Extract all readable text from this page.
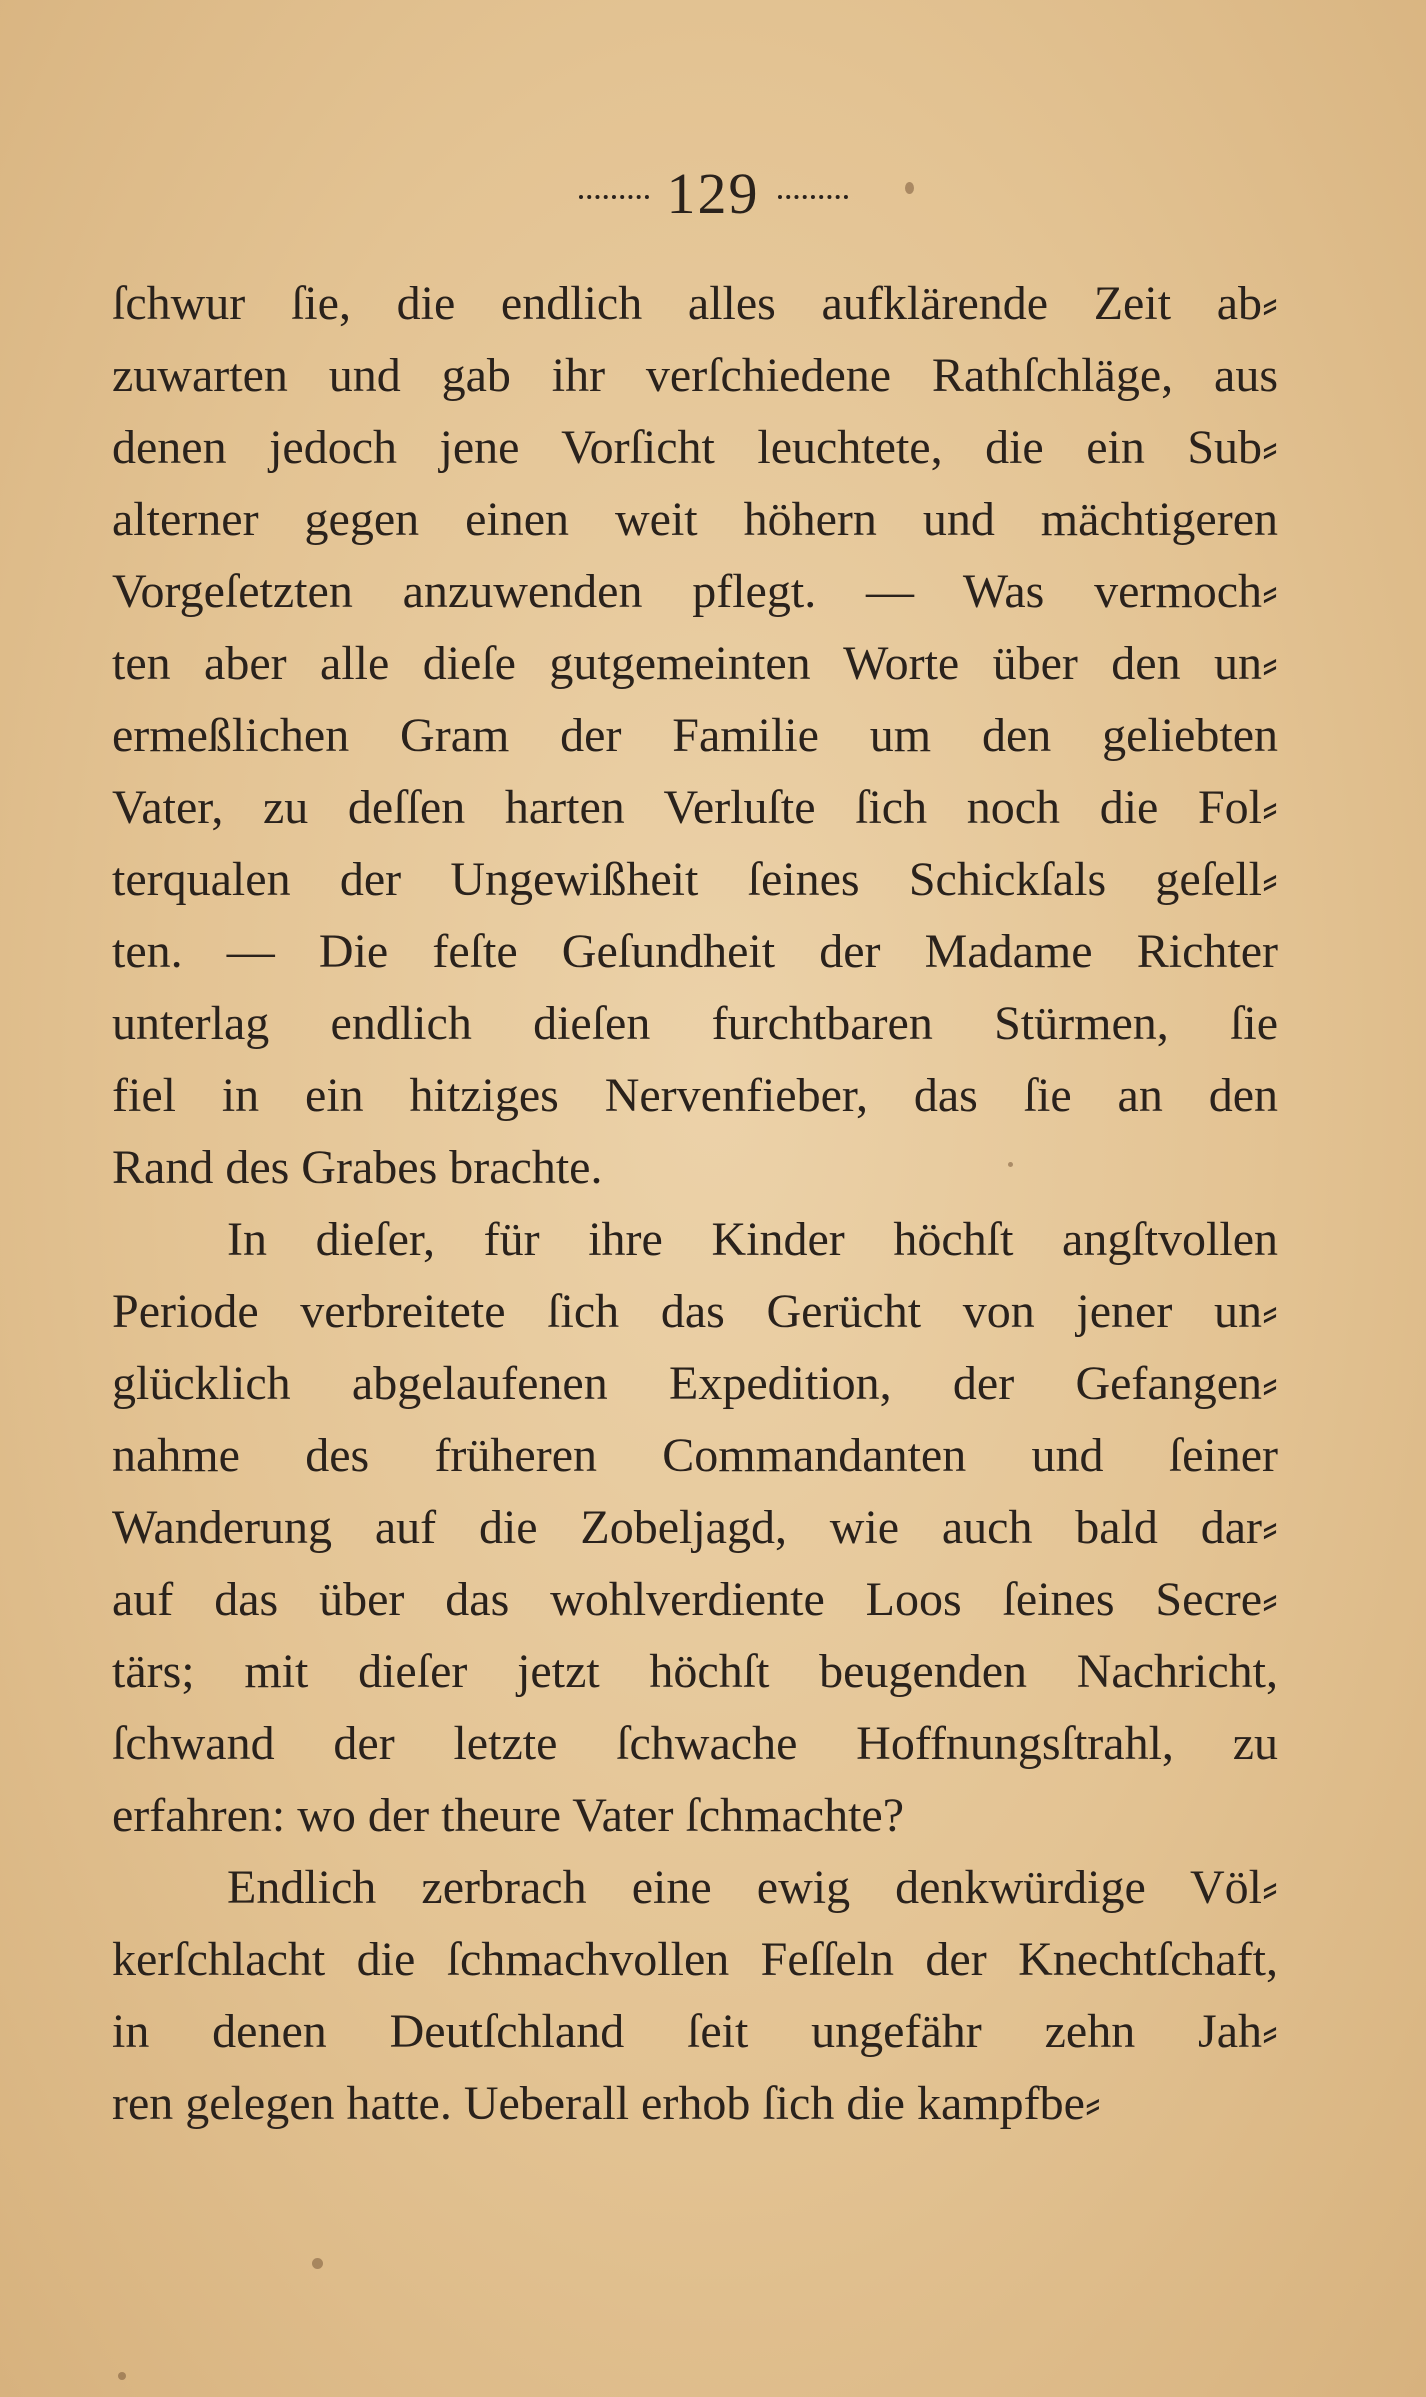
129
ſchwur ſie, die endlich alles aufklärende Zeit ab⸗
zuwarten und gab ihr verſchiedene Rathſchläge, aus
denen jedoch jene Vorſicht leuchtete, die ein Sub⸗
alterner gegen einen weit höhern und mächtigeren
Vorgeſetzten anzuwenden pflegt. — Was vermoch⸗
ten aber alle dieſe gutgemeinten Worte über den un⸗
ermeßlichen Gram der Familie um den geliebten
Vater, zu deſſen harten Verluſte ſich noch die Fol⸗
terqualen der Ungewißheit ſeines Schickſals geſell⸗
ten. — Die feſte Geſundheit der Madame Richter
unterlag endlich dieſen furchtbaren Stürmen, ſie
fiel in ein hitziges Nervenfieber, das ſie an den
Rand des Grabes brachte.
In dieſer, für ihre Kinder höchſt angſtvollen
Periode verbreitete ſich das Gerücht von jener un⸗
glücklich abgelaufenen Expedition, der Gefangen⸗
nahme des früheren Commandanten und ſeiner
Wanderung auf die Zobeljagd, wie auch bald dar⸗
auf das über das wohlverdiente Loos ſeines Secre⸗
tärs; mit dieſer jetzt höchſt beugenden Nachricht,
ſchwand der letzte ſchwache Hoffnungsſtrahl, zu
erfahren: wo der theure Vater ſchmachte?
Endlich zerbrach eine ewig denkwürdige Völ⸗
kerſchlacht die ſchmachvollen Feſſeln der Knechtſchaft,
in denen Deutſchland ſeit ungefähr zehn Jah⸗
ren gelegen hatte. Ueberall erhob ſich die kampfbe⸗
